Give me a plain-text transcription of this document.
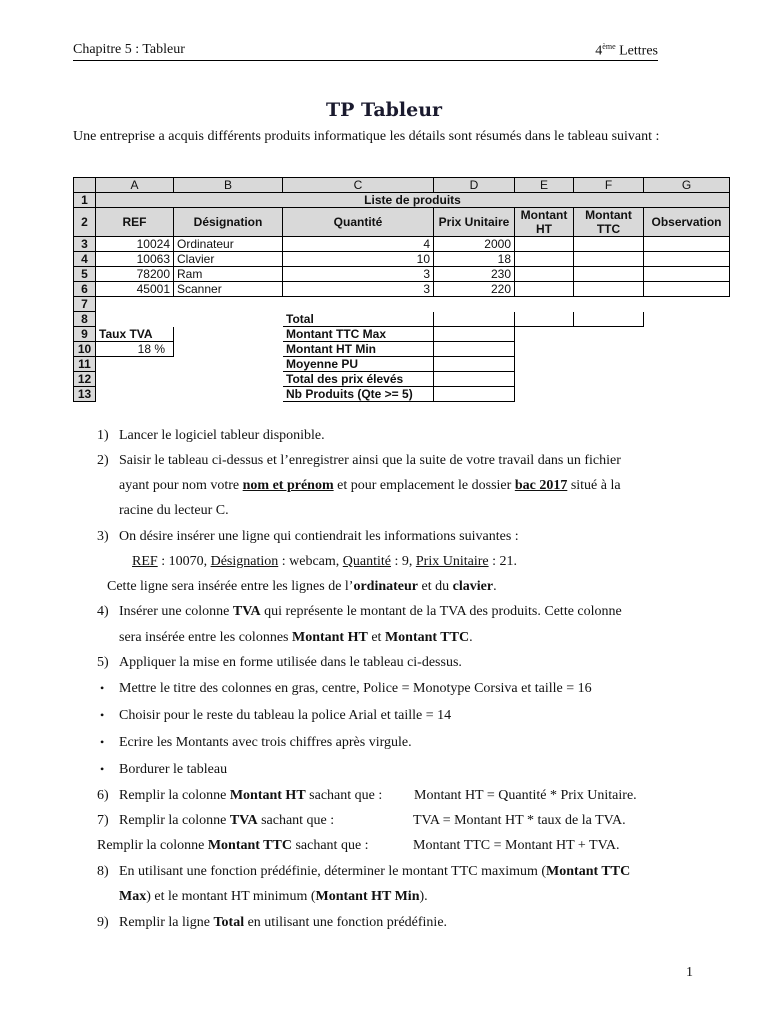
Chapitre 5 : Tableur	4ème Lettres
TP Tableur
Une entreprise a acquis différents produits informatique les détails sont résumés dans le tableau suivant :
	A	B	C	D	E	F	G
1	Liste de produits						
2	REF	Désignation	Quantité	Prix Unitaire	Montant HT	Montant TTC	Observation
3	10024	Ordinateur	4	2000			
4	10063	Clavier	10	18			
5	78200	Ram	3	230			
6	45001	Scanner	3	220			
7							
8			Total				
9	Taux TVA		Montant TTC Max				
10	18 %		Montant HT Min				
11			Moyenne PU				
12			Total des prix élevés				
13			Nb Produits (Qte >= 5)				
1) Lancer le logiciel tableur disponible.
2) Saisir le tableau ci-dessus et l’enregistrer ainsi que la suite de votre travail dans un fichier
ayant pour nom votre nom et prénom et pour emplacement le dossier bac 2017 situé à la
racine du lecteur C.
3) On désire insérer une ligne qui contiendrait les informations suivantes :
REF : 10070, Désignation : webcam, Quantité : 9, Prix Unitaire : 21.
Cette ligne sera insérée entre les lignes de l’ordinateur et du clavier.
4) Insérer une colonne TVA qui représente le montant de la TVA des produits. Cette colonne
sera insérée entre les colonnes Montant HT et Montant TTC.
5) Appliquer la mise en forme utilisée dans le tableau ci-dessus.
• Mettre le titre des colonnes en gras, centre, Police = Monotype Corsiva et taille = 16
• Choisir pour le reste du tableau la police Arial et taille = 14
• Ecrire les Montants avec trois chiffres après virgule.
• Bordurer le tableau
6) Remplir la colonne Montant HT sachant que : Montant HT = Quantité * Prix Unitaire.
7) Remplir la colonne TVA sachant que :	TVA = Montant HT * taux de la TVA.
Remplir la colonne Montant TTC sachant que :	Montant TTC = Montant HT + TVA.
8) En utilisant une fonction prédéfinie, déterminer le montant TTC maximum (Montant TTC
Max) et le montant HT minimum (Montant HT Min).
9) Remplir la ligne Total en utilisant une fonction prédéfinie.
1
